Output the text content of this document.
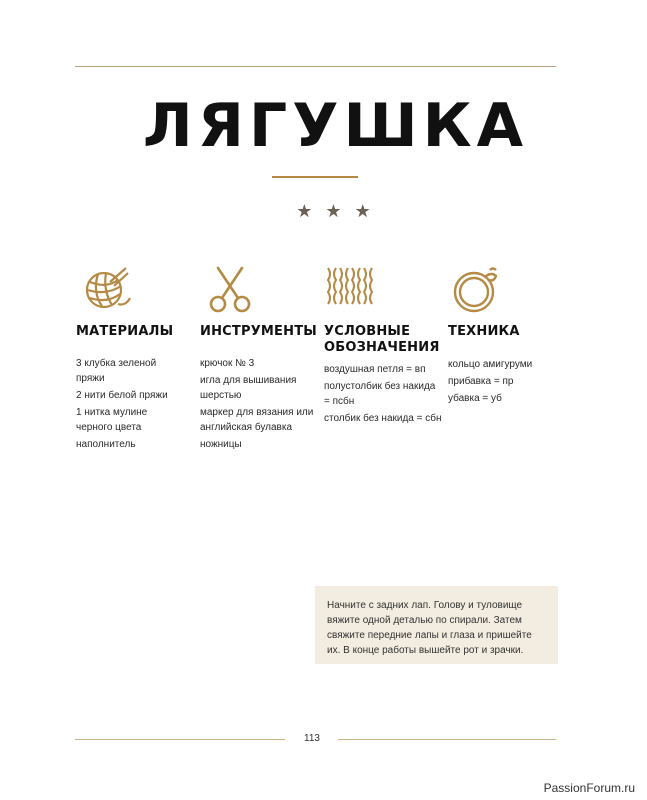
ЛЯГУШКА
★ ★ ★
МАТЕРИАЛЫ
3 клубка зеленой пряжи
2 нити белой пряжи
1 нитка мулине черного цвета
наполнитель
ИНСТРУМЕНТЫ
крючок № 3
игла для вышивания шерстью
маркер для вязания или английская булавка
ножницы
УСЛОВНЫЕ ОБОЗНАЧЕНИЯ
воздушная петля = вп
полустолбик без накида = псбн
столбик без накида = сбн
ТЕХНИКА
кольцо амигуруми
прибавка = пр
убавка = уб
Начните с задних лап. Голову и туловище вяжите одной деталью по спирали. Затем свяжите передние лапы и глаза и пришейте их. В конце работы вышейте рот и зрачки.
113
PassionForum.ru
